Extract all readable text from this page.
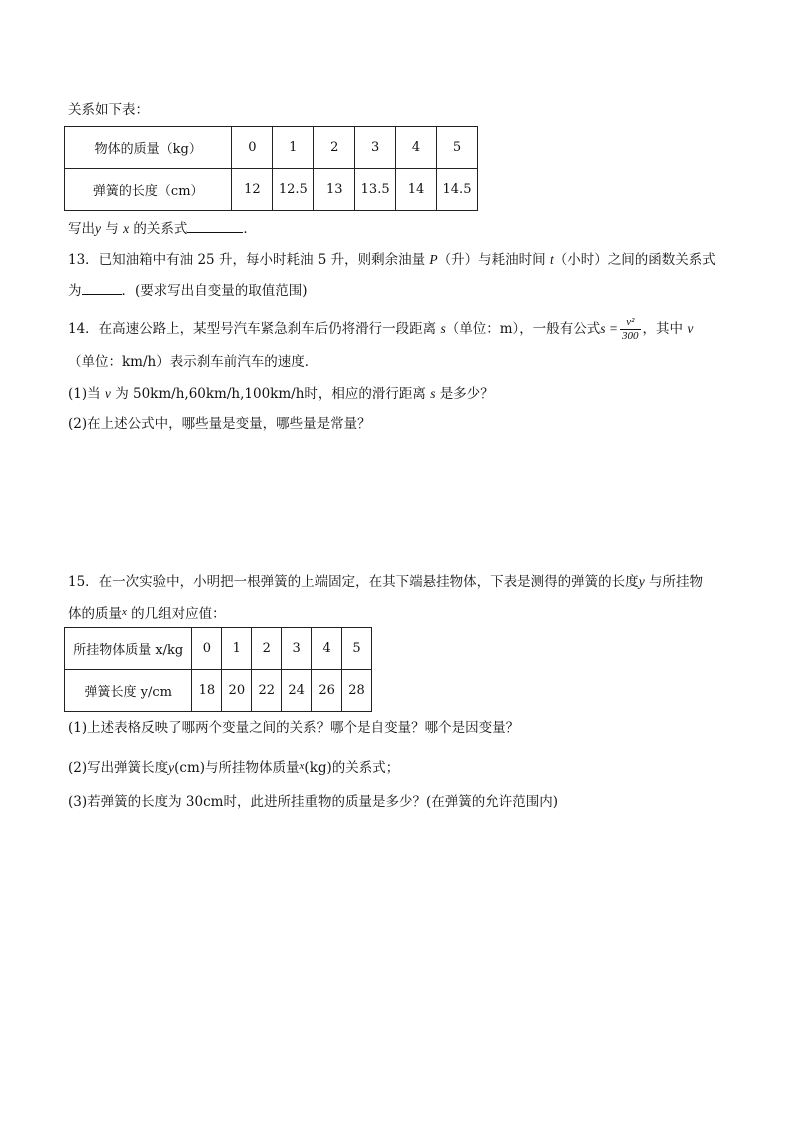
关系如下表：
物体的质量（kg）	0	1	2	3	4	5
弹簧的长度（cm）	12	12.5	13	13.5	14	14.5
写出y 与 x 的关系式	．
13．已知油箱中有油 25 升，每小时耗油 5 升，则剩余油量 P（升）与耗油时间 t（小时）之间的函数关系式
为	．(要求写出自变量的取值范围)
14．在高速公路上，某型号汽车紧急刹车后仍将滑行一段距离 s（单位：m），一般有公式$s = \frac{\text{v²}}{300}$ ，其中 v
（单位：km/h）表示刹车前汽车的速度．
(1)当 v 为 50km/h,60km/h,100km/h时，相应的滑行距离 s 是多少？
(2)在上述公式中，哪些量是变量，哪些量是常量？
15．在一次实验中，小明把一根弹簧的上端固定，在其下端悬挂物体，下表是测得的弹簧的长度y 与所挂物
体的质量$^x$ 的几组对应值：
所挂物体质量 x/kg	0	1	2	3	4	5
弹簧长度 y/cm	18	20	22	24	26	28
(1)上述表格反映了哪两个变量之间的关系？哪个是自变量？哪个是因变量？
(2)写出弹簧长度y(cm)与所挂物体质量$^x$(kg)的关系式；
(3)若弹簧的长度为 30cm时，此进所挂重物的质量是多少？(在弹簧的允许范围内)
